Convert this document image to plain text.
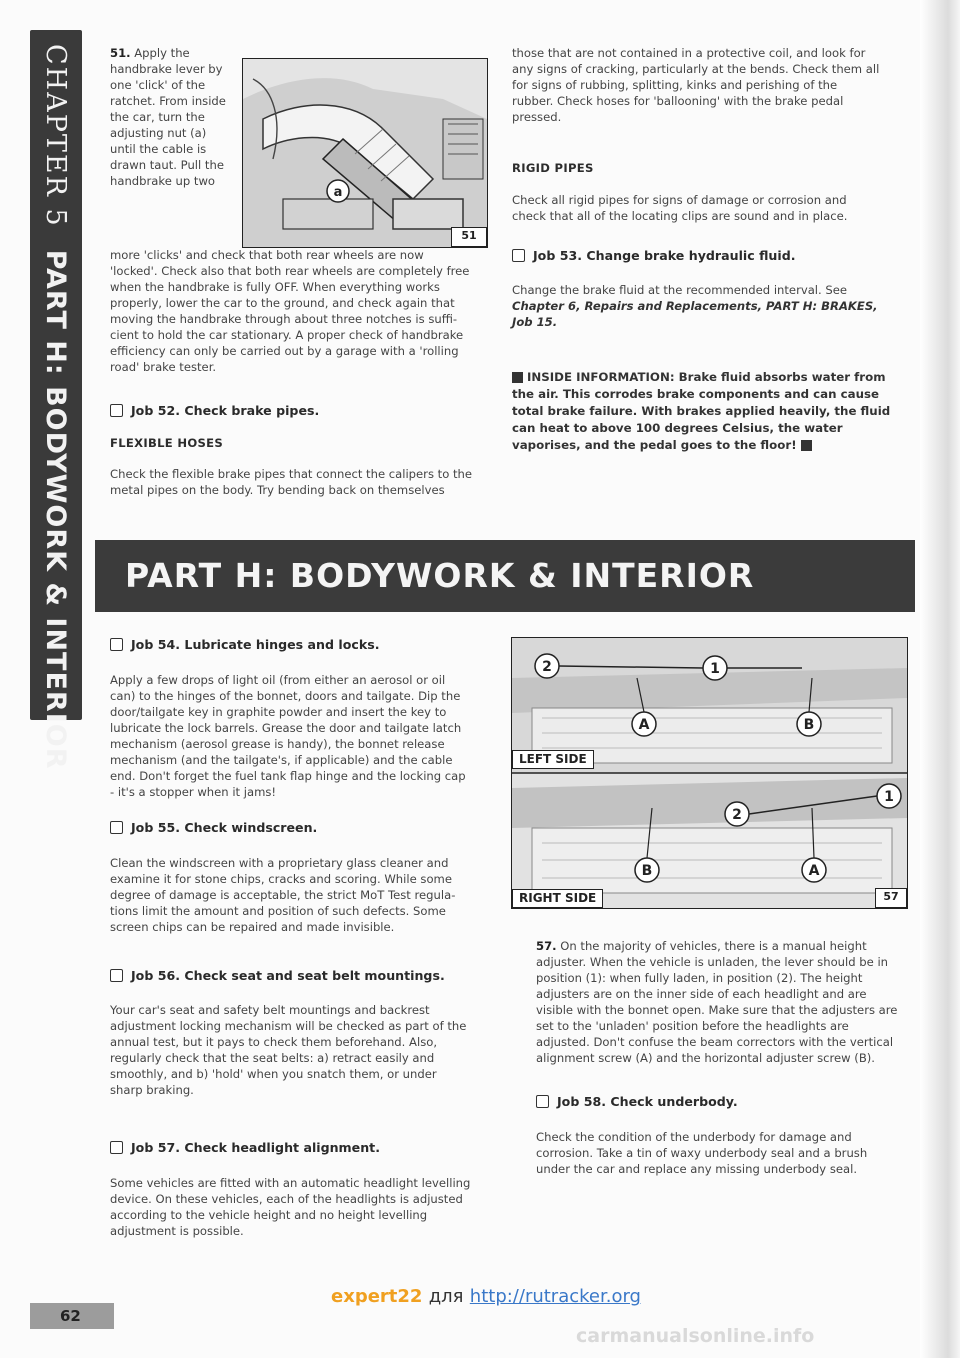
CHAPTER 5
PART H: BODYWORK & INTERIOR
51. Apply the
handbrake lever by
one 'click' of the
ratchet. From inside
the car, turn the
adjusting nut (a)
until the cable is
drawn taut. Pull the
handbrake up two
a
51
more 'clicks' and check that both rear wheels are now
'locked'. Check also that both rear wheels are completely free
when the handbrake is fully OFF. When everything works
properly, lower the car to the ground, and check again that
moving the handbrake through about three notches is suffi-
cient to hold the car stationary. A proper check of handbrake
efficiency can only be carried out by a garage with a 'rolling
road' brake tester.
Job 52. Check brake pipes.
FLEXIBLE HOSES
Check the flexible brake pipes that connect the calipers to the
metal pipes on the body. Try bending back on themselves
those that are not contained in a protective coil, and look for
any signs of cracking, particularly at the bends. Check them all
for signs of rubbing, splitting, kinks and perishing of the
rubber. Check hoses for 'ballooning' with the brake pedal
pressed.
RIGID PIPES
Check all rigid pipes for signs of damage or corrosion and
check that all of the locating clips are sound and in place.
Job 53. Change brake hydraulic fluid.
Change the brake fluid at the recommended interval. See
Chapter 6, Repairs and Replacements, PART H: BRAKES,
Job 15.
INSIDE INFORMATION: Brake fluid absorbs water from
the air. This corrodes brake components and can cause
total brake failure. With brakes applied heavily, the fluid
can heat to above 100 degrees Celsius, the water
vaporises, and the pedal goes to the floor!
PART H: BODYWORK & INTERIOR
Job 54. Lubricate hinges and locks.
Apply a few drops of light oil (from either an aerosol or oil
can) to the hinges of the bonnet, doors and tailgate. Dip the
door/tailgate key in graphite powder and insert the key to
lubricate the lock barrels. Grease the door and tailgate latch
mechanism (aerosol grease is handy), the bonnet release
mechanism (and the tailgate's, if applicable) and the cable
end. Don't forget the fuel tank flap hinge and the locking cap
- it's a stopper when it jams!
Job 55. Check windscreen.
Clean the windscreen with a proprietary glass cleaner and
examine it for stone chips, cracks and scoring. While some
degree of damage is acceptable, the strict MoT Test regula-
tions limit the amount and position of such defects. Some
screen chips can be repaired and made invisible.
Job 56. Check seat and seat belt mountings.
Your car's seat and safety belt mountings and backrest
adjustment locking mechanism will be checked as part of the
annual test, but it pays to check them beforehand. Also,
regularly check that the seat belts: a) retract easily and
smoothly, and b) 'hold' when you snatch them, or under
sharp braking.
Job 57. Check headlight alignment.
Some vehicles are fitted with an automatic headlight levelling
device. On these vehicles, each of the headlights is adjusted
according to the vehicle height and no height levelling
adjustment is possible.
2	1
A	B
2
1
B	A
LEFT SIDE
RIGHT SIDE	57
57. On the majority of vehicles, there is a manual height
adjuster. When the vehicle is unladen, the lever should be in
position (1): when fully laden, in position (2). The height
adjusters are on the inner side of each headlight and are
visible with the bonnet open. Make sure that the adjusters are
set to the 'unladen' position before the headlights are
adjusted. Don't confuse the beam correctors with the vertical
alignment screw (A) and the horizontal adjuster screw (B).
Job 58. Check underbody.
Check the condition of the underbody for damage and
corrosion. Take a tin of waxy underbody seal and a brush
under the car and replace any missing underbody seal.
62
expert22 для http://rutracker.org
carmanualsonline.info
